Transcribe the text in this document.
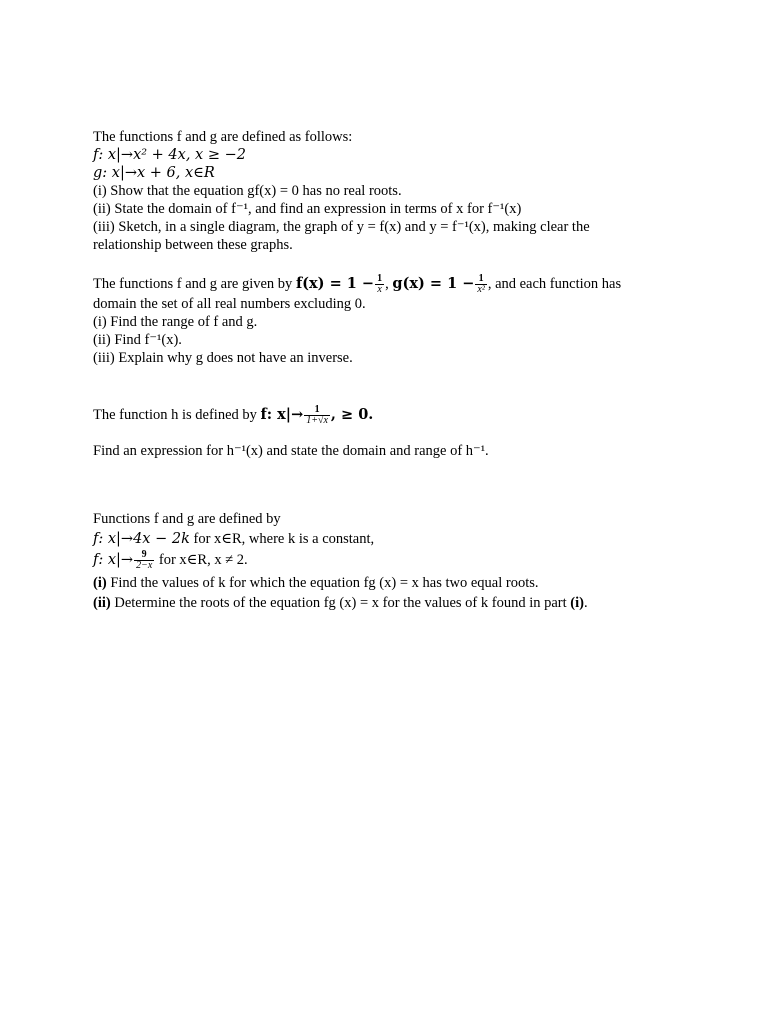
The functions f and g are defined as follows:
f: x|→x² + 4x, x ≥ −2
g: x|→x + 6, x∈R
(i) Show that the equation gf(x) = 0 has no real roots.
(ii) State the domain of f⁻¹, and find an expression in terms of x for f⁻¹(x)
(iii) Sketch, in a single diagram, the graph of y = f(x) and y = f⁻¹(x), making clear the
relationship between these graphs.
The functions f and g are given by $f(x) = 1 - \frac{1}{x}$ , $g(x) = 1 - \frac{1}{\text{x²}}$ , and each function has
domain the set of all real numbers excluding 0.
(i) Find the range of f and g.
(ii) Find f⁻¹(x).
(iii) Explain why g does not have an inverse.
The function h is defined by f: $x|\to \frac{1}{1+√x}$ , ≥ 0.
Find an expression for h⁻¹(x) and state the domain and range of h⁻¹.
Functions f and g are defined by
f: x|→4x − 2k for x∈R, where k is a constant,
f: $x|\to \frac{9}{2-x}$ for x∈R, x ≠ 2.
(i) Find the values of k for which the equation fg (x) = x has two equal roots.
(ii) Determine the roots of the equation fg (x) = x for the values of k found in part (i).
